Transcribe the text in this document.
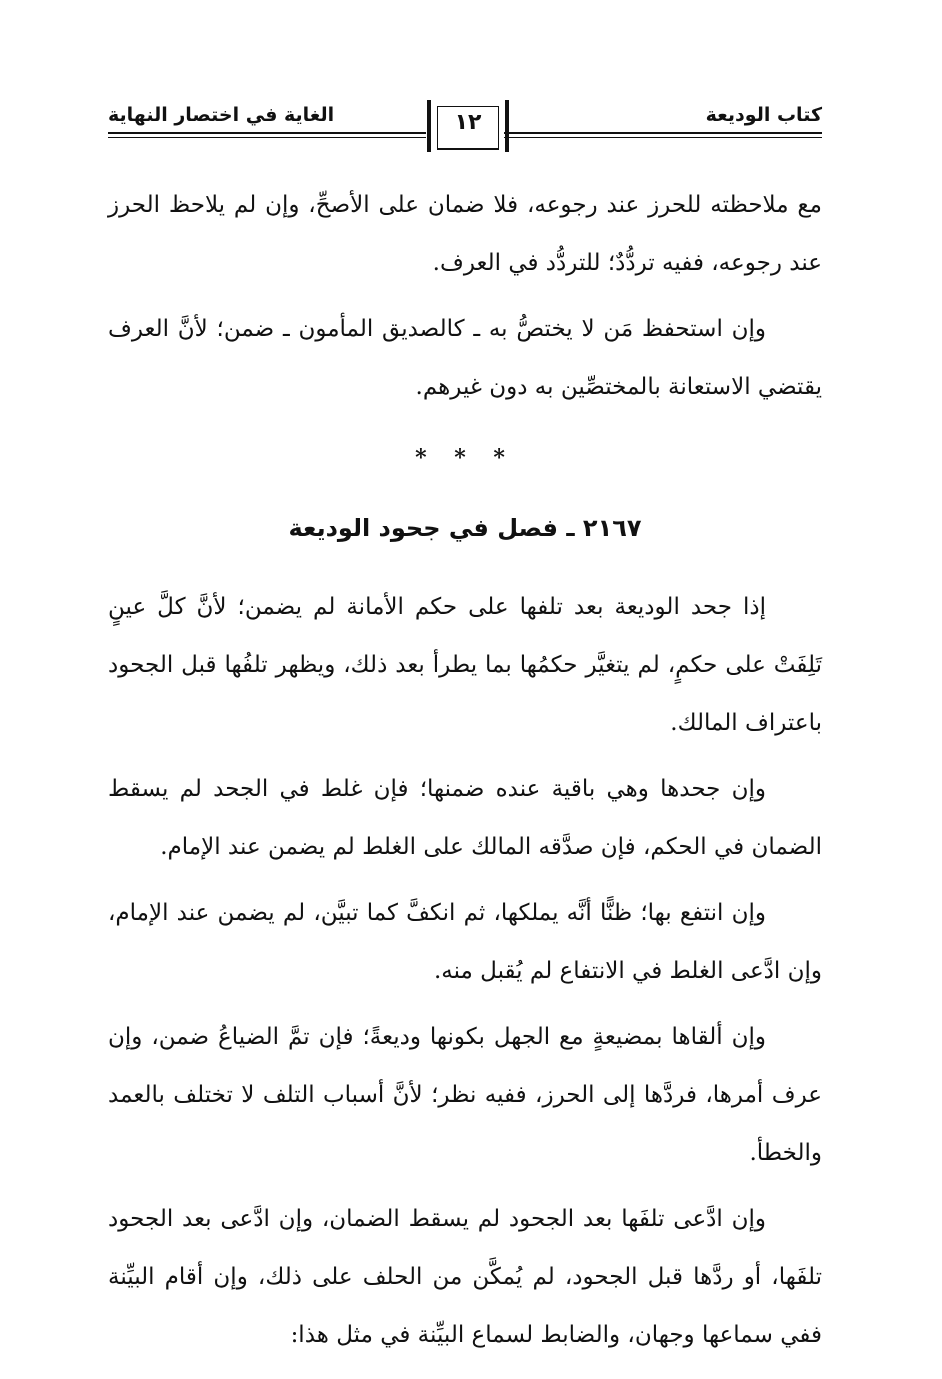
كتاب الوديعة
الغاية في اختصار النهاية	١٢

مع ملاحظته للحرز عند رجوعه، فلا ضمان على الأصحِّ، وإن لم يلاحظ الحرز عند رجوعه، ففيه تردُّدٌ؛ للتردُّد في العرف.

وإن استحفظ مَن لا يختصُّ به ـ كالصديق المأمون ـ ضمن؛ لأنَّ العرف يقتضي الاستعانة بالمختصِّين به دون غيرهم.

* * *
٢١٦٧ ـ فصل في جحود الوديعة

إذا جحد الوديعة بعد تلفها على حكم الأمانة لم يضمن؛ لأنَّ كلَّ عينٍ تَلِفَتْ على حكمٍ، لم يتغيَّر حكمُها بما يطرأ بعد ذلك، ويظهر تلفُها قبل الجحود باعتراف المالك.

وإن جحدها وهي باقية عنده ضمنها؛ فإن غلط في الجحد لم يسقط الضمان في الحكم، فإن صدَّقه المالك على الغلط لم يضمن عند الإمام.

وإن انتفع بها؛ ظنًّا أنَّه يملكها، ثم انكفَّ كما تبيَّن، لم يضمن عند الإمام، وإن ادَّعى الغلط في الانتفاع لم يُقبل منه.

وإن ألقاها بمضيعةٍ مع الجهل بكونها وديعةً؛ فإن تمَّ الضياعُ ضمن، وإن عرف أمرها، فردَّها إلى الحرز، ففيه نظر؛ لأنَّ أسباب التلف لا تختلف بالعمد والخطأ.

وإن ادَّعى تلفَها بعد الجحود لم يسقط الضمان، وإن ادَّعى بعد الجحود تلفَها، أو ردَّها قبل الجحود، لم يُمكَّن من الحلف على ذلك، وإن أقام البيِّنة ففي سماعها وجهان، والضابط لسماع البيِّنة في مثل هذا:
